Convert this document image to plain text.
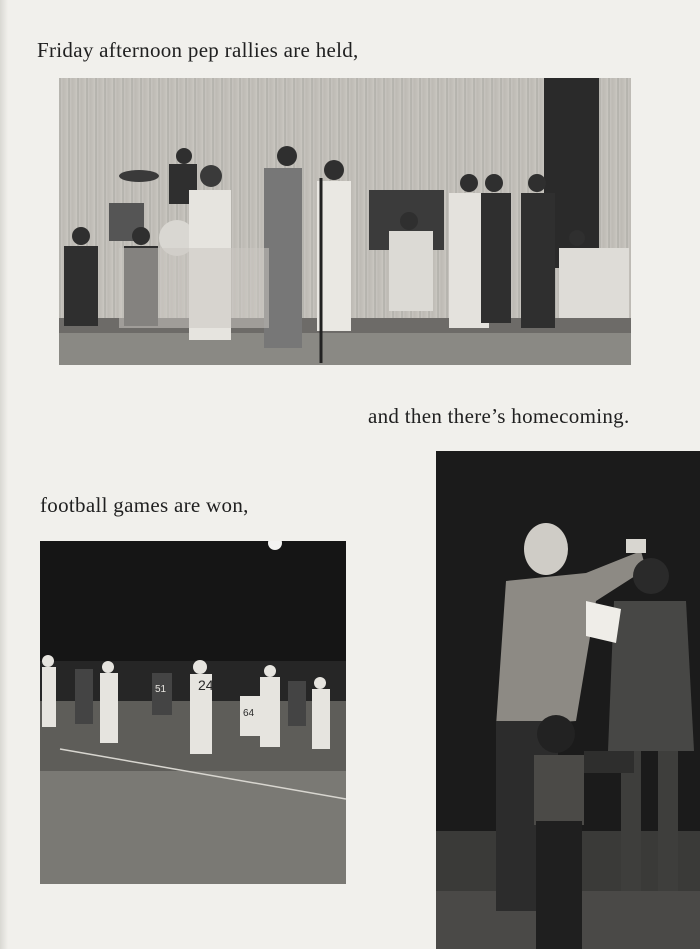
Friday afternoon pep rallies are held,
and then there’s homecoming.
football games are won,
24
51
64
